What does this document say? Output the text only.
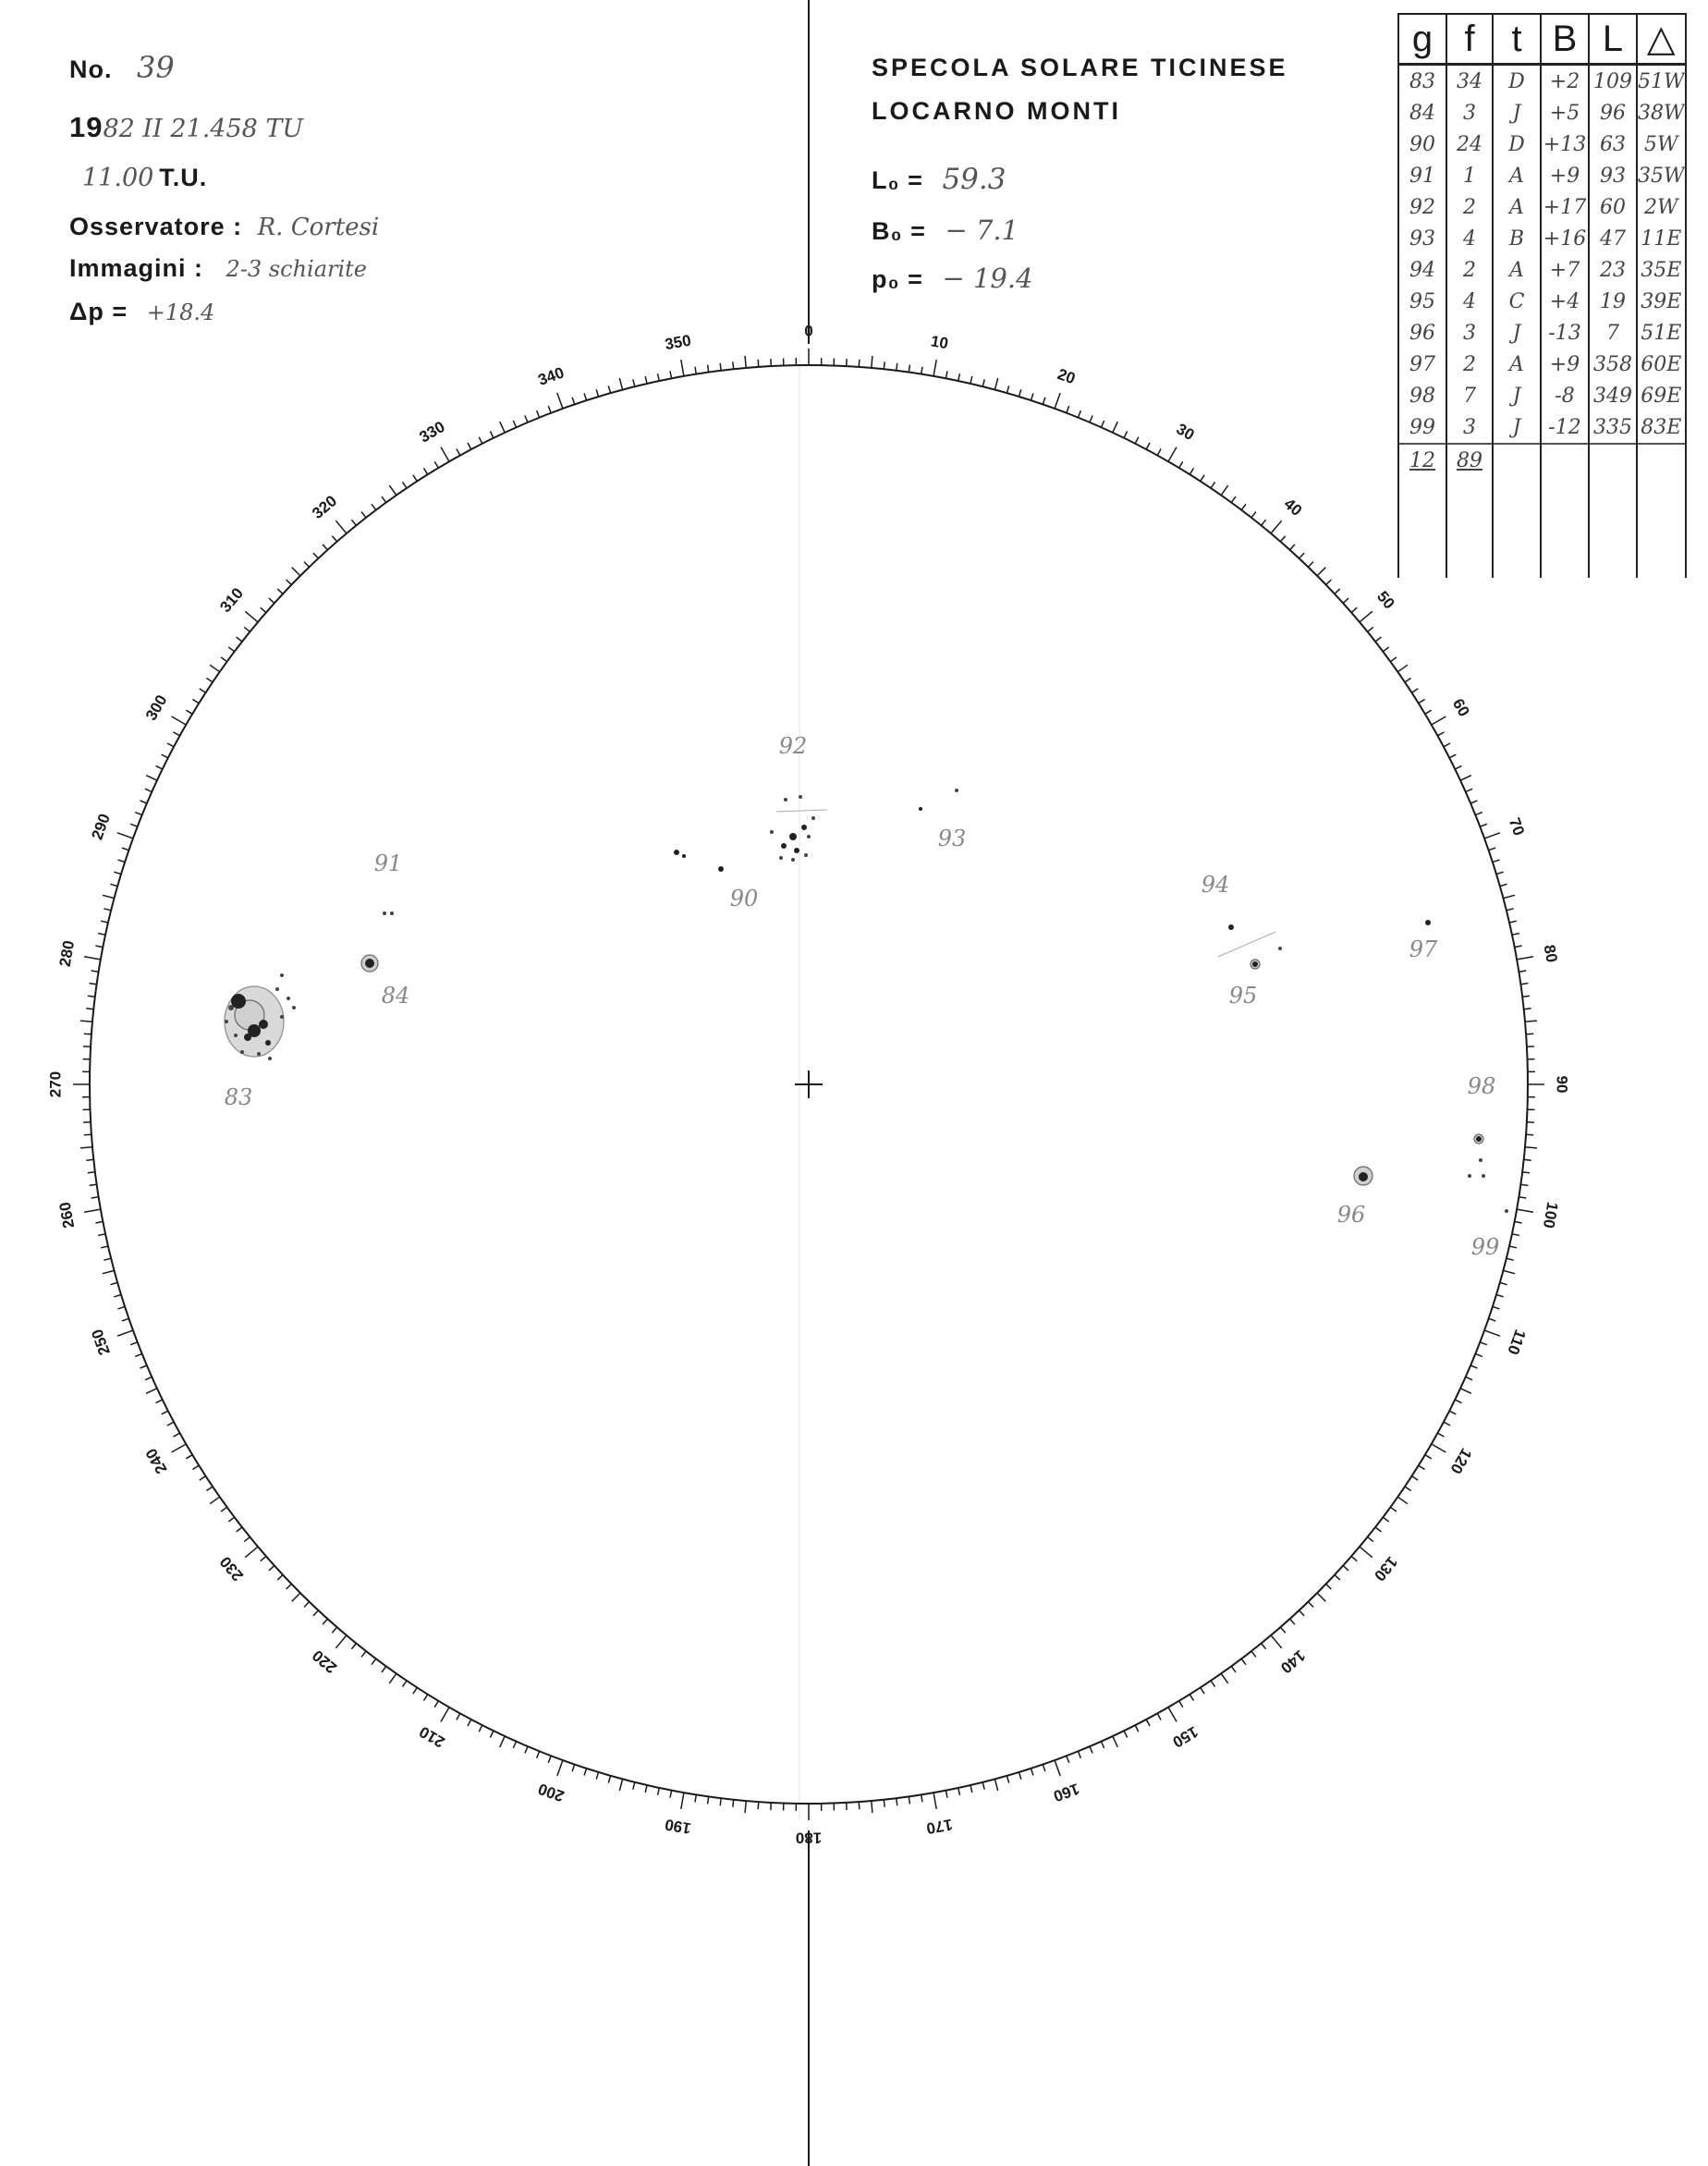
No. 39
1982 II 21.458 TU
11.00 T.U.
Osservatore : R. Cortesi
Immagini : 2-3 schiarite
Δp = +18.4
SPECOLA SOLARE TICINESE
LOCARNO MONTI
L₀ = 59.3
B₀ = − 7.1
p₀ = − 19.4
0
10
20
30
40
50
60
70
80
90
100
110
120
130
140
150
160
170
180
190
200
210
220
230
240
250
260
270
280
290
300
310
320
330
340
350
83
84
90
91
92
93
94
95
96
97
98
99
g	f	t	B	L	△
83	34	D	+2	109	51W
84	3	J	+5	96	38W
90	24	D	+13	63	5W
91	1	A	+9	93	35W
92	2	A	+17	60	2W
93	4	B	+16	47	11E
94	2	A	+7	23	35E
95	4	C	+4	19	39E
96	3	J	-13	7	51E
97	2	A	+9	358	60E
98	7	J	-8	349	69E
99	3	J	-12	335	83E
12	89				
